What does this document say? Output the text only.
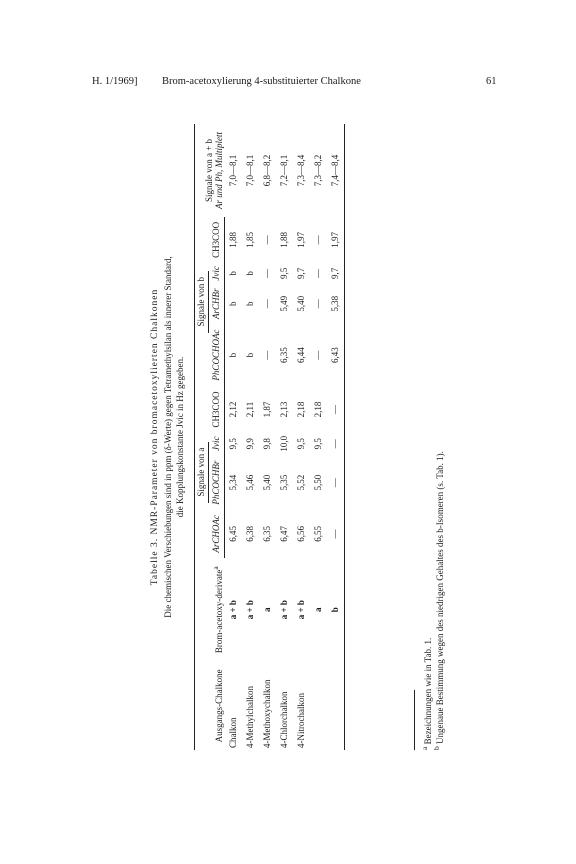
H. 1/1969] Brom-acetoxylierung 4-substituierter Chalkone	61
Tabelle 3. NMR-Parameter von bromacetoxylierten Chalkonen Die chemischen Verschiebungen sind in ppm (δ-Werte) gegen Tetramethylsilan als innerer Standard, die Kopplungskonstante Jvic in Hz gegeben.
Ausgangs-Chalkone	Brom-acetoxy-derivate$^a$	Signale von a				Signale von b				Signale von a + b
Ar und Ph, Multiplett
		ArCHOAc	PhCOCHBr	Jvic	CH3COO	PhCOCHOAc	ArCHBr	Jvic	CH3COO	
Chalkon	a + b	6,45	5,34	9,5	2,12	b	b	b	1,88	7,0—8,1
4-Methylchalkon	a + b	6,38	5,46	9,9	2,11	b	b	b	1,85	7,0—8,1
4-Methoxychalkon	a	6,35	5,40	9,8	1,87	—	—	—	—	6,8—8,2
4-Chlorchalkon	a + b	6,47	5,35	10,0	2,13	6,35	5,49	9,5	1,88	7,2—8,1
4-Nitrochalkon	a + b	6,56	5,52	9,5	2,18	6,44	5,40	9,7	1,97	7,3—8,4
	a	6,55	5,50	9,5	2,18	—	—	—	—	7,3—8,2
	b	—	—	—	—	6,43	5,38	9,7	1,97	7,4—8,4
$^a$ Bezeichnungen wie in Tab. 1.
$^b$ Ungenaue Bestimmung wegen des niedrigen Gehaltes des b-Isomeren (s. Tab. 1).
